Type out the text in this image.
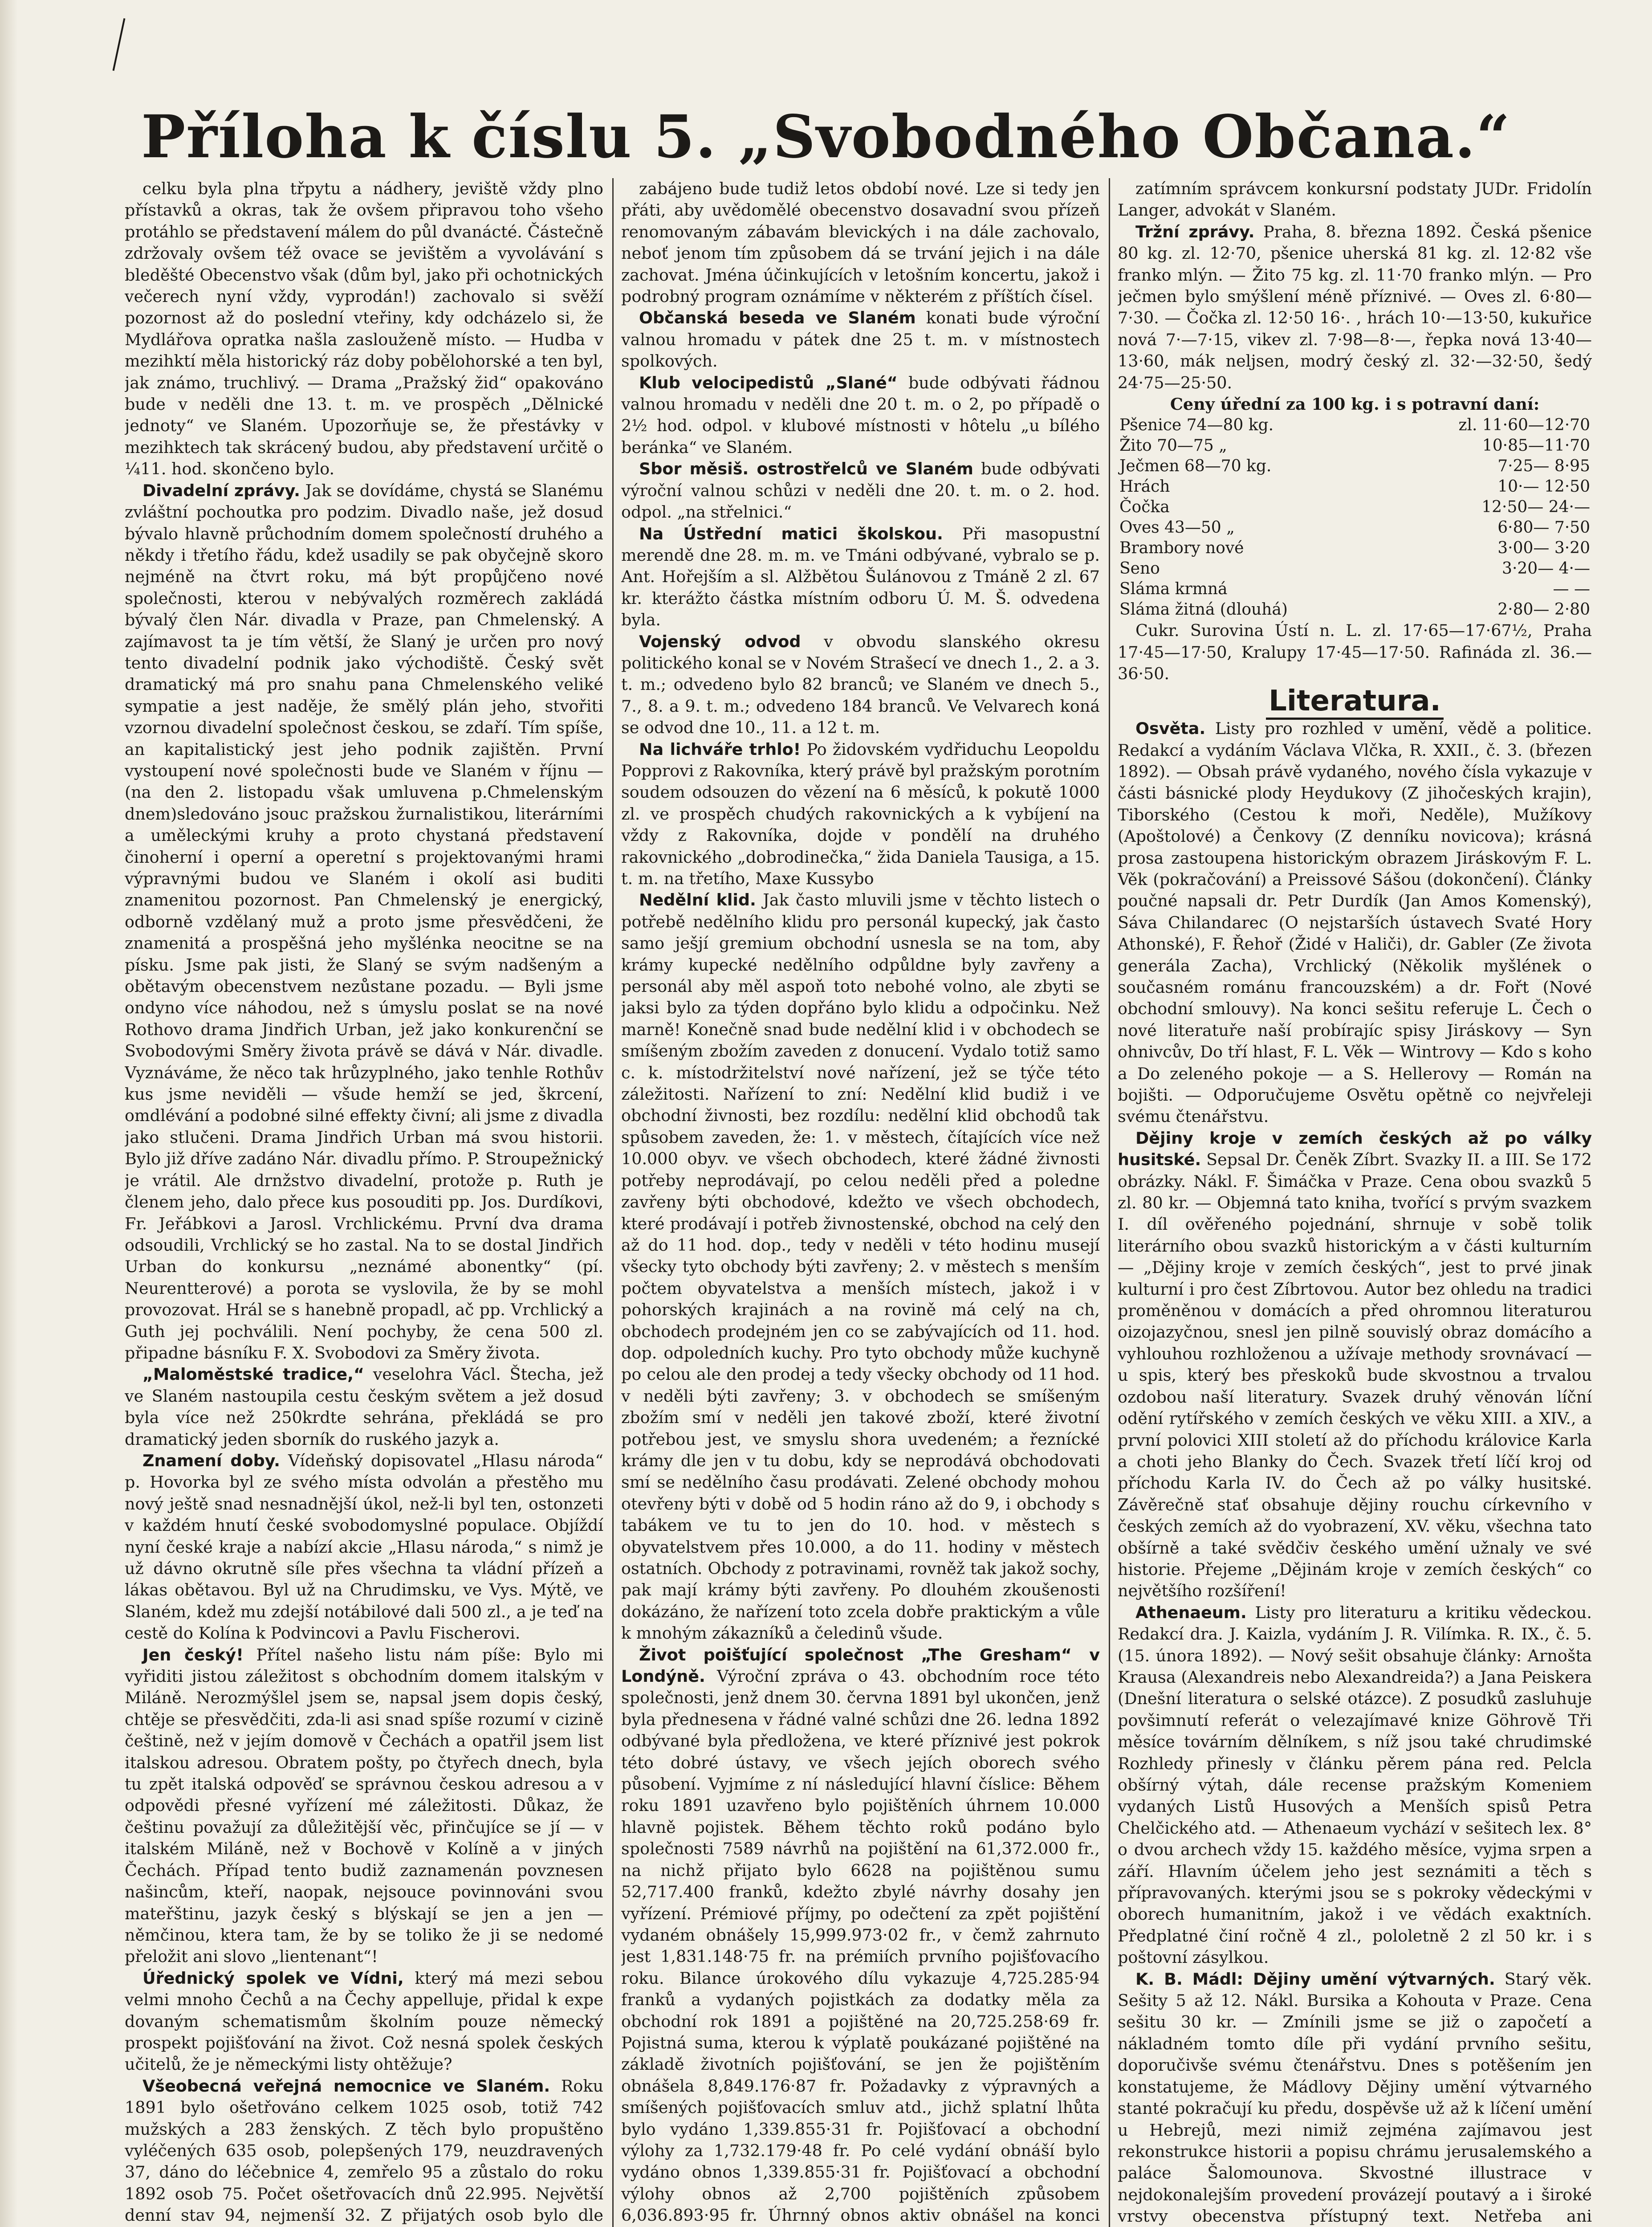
Příloha k číslu 5. „Svobodného Občana.“

celku byla plna třpytu a nádhery, jeviště vždy plno přístavků a okras, tak že ovšem připravou toho všeho protáhlo se představení málem do půl dvanácté. Částečně zdržovaly ovšem též ovace se jevištěm a vyvolávání s bleděšté Obecenstvo však (dům byl, jako při ochotnických večerech nyní vždy, vyprodán!) zachovalo si svěží pozornost až do poslední vteřiny, kdy odcházelo si, že Mydlářova opratka našla zaslouženě místo. — Hudba v mezihktí měla historický ráz doby pobělohorské a ten byl, jak známo, truchlivý. — Drama „Pražský žid“ opakováno bude v neděli dne 13. t. m. ve prospěch „Dělnické jednoty“ ve Slaném. Upozorňuje se, že přestávky v mezihktech tak skrácený budou, aby představení určitě o ¼11. hod. skončeno bylo.

Divadelní zprávy. Jak se dovídáme, chystá se Slanému zvláštní pochoutka pro podzim. Divadlo naše, jež dosud bývalo hlavně průchodním domem společností druhého a někdy i třetího řádu, kdež usadily se pak obyčejně skoro nejméně na čtvrt roku, má být propůjčeno nové společnosti, kterou v nebývalých rozměrech zakládá bývalý člen Nár. divadla v Praze, pan Chmelenský. A zajímavost ta je tím větší, že Slaný je určen pro nový tento divadelní podnik jako východiště. Český svět dramatický má pro snahu pana Chmelenského veliké sympatie a jest naděje, že smělý plán jeho, stvořiti vzornou divadelní společnost českou, se zdaří. Tím spíše, an kapitalistický jest jeho podnik zajištěn. První vystoupení nové společnosti bude ve Slaném v říjnu — (na den 2. listopadu však umluvena p.Chmelenským dnem)sledováno jsouc pražskou žurnalistikou, literárními a uměleckými kruhy a proto chystaná představení činoherní i operní a operetní s projektovanými hrami výpravnými budou ve Slaném i okolí asi buditi znamenitou pozornost. Pan Chmelenský je energický, odborně vzdělaný muž a proto jsme přesvědčeni, že znamenitá a prospěšná jeho myšlénka neocitne se na písku. Jsme pak jisti, že Slaný se svým nadšeným a obětavým obecenstvem nezůstane pozadu. — Byli jsme ondyno více náhodou, než s úmyslu poslat se na nové Rothovo drama Jindřich Urban, jež jako konkurenční se Svobodovými Směry života právě se dává v Nár. divadle. Vyznáváme, že něco tak hrůzyplného, jako tenhle Rothův kus jsme neviděli — všude hemží se jed, škrcení, omdlévání a podobné silné effekty čivní; ali jsme z divadla jako stlučeni. Drama Jindřich Urban má svou historii. Bylo již dříve zadáno Nár. divadlu přímo. P. Stroupežnický je vrátil. Ale drnžstvo divadelní, protože p. Ruth je členem jeho, dalo přece kus posouditi pp. Jos. Durdíkovi, Fr. Jeřábkovi a Jarosl. Vrchlickému. První dva drama odsoudili, Vrchlický se ho zastal. Na to se dostal Jindřich Urban do konkursu „neznámé abonentky“ (pí. Neurentterové) a porota se vyslovila, že by se mohl provozovat. Hrál se s hanebně propadl, ač pp. Vrchlický a Guth jej pochválili. Není pochyby, že cena 500 zl. připadne básníku F. X. Svobodovi za Směry života.

„Maloměstské tradice,“ veselohra Václ. Štecha, jež ve Slaném nastoupila cestu českým světem a jež dosud byla více než 250krdte sehrána, překládá se pro dramatický jeden sborník do ruského jazyk a.

Znamení doby. Vídeňský dopisovatel „Hlasu národa“ p. Hovorka byl ze svého místa odvolán a přestěho mu nový ještě snad nesnadnější úkol, než-li byl ten, ostonzeti v každém hnutí české svobodomyslné populace. Objíždí nyní české kraje a nabízí akcie „Hlasu národa,“ s nimž je už dávno okrutně síle přes všechna ta vládní přízeň a lákas obětavou. Byl už na Chrudimsku, ve Vys. Mýtě, ve Slaném, kdež mu zdejší notábilové dali 500 zl., a je teď na cestě do Kolína k Podvincovi a Pavlu Fischerovi.

Jen český! Přítel našeho listu nám píše: Bylo mi vyřiditi jistou záležitost s obchodním domem italským v Miláně. Nerozmýšlel jsem se, napsal jsem dopis český, chtěje se přesvědčiti, zda-li asi snad spíše rozumí v cizině češtině, než v jejím domově v Čechách a opatřil jsem list italskou adresou. Obratem pošty, po čtyřech dnech, byla tu zpět italská odpověď se správnou českou adresou a v odpovědi přesné vyřízení mé záležitosti. Důkaz, že češtinu považují za důležitější věc, přinčujíce se jí — v italském Miláně, než v Bochově v Kolíně a v jiných Čechách. Případ tento budiž zaznamenán povznesen našincům, kteří, naopak, nejsouce povinnováni svou mateřštinu, jazyk český s blýskají se jen a jen — němčinou, ktera tam, že by se toliko že ji se nedomé přeložit ani slovo „lientenant“!

Úřednický spolek ve Vídni, který má mezi sebou velmi mnoho Čechů a na Čechy appelluje, přidal k expe dovaným schematismům školním pouze německý prospekt pojišťování na život. Což nesná spolek českých učitelů, že je německými listy ohtěžuje?

Všeobecná veřejná nemocnice ve Slaném. Roku 1891 bylo ošetřováno celkem 1025 osob, totiž 742 mužských a 283 ženských. Z těch bylo propuštěno vyléčených 635 osob, polepšených 179, neuzdravených 37, dáno do léčebnice 4, zemřelo 95 a zůstalo do roku 1892 osob 75. Počet ošetřovacích dnů 22.995. Největší denní stav 94, nejmenší 32. Z přijatých osob bylo dle

zabájeno bude tudiž letos období nové. Lze si tedy jen přáti, aby uvědomělé obecenstvo dosavadní svou přízeň renomovaným zábavám blevických i na dále zachovalo, neboť jenom tím způsobem dá se trvání jejich i na dále zachovat. Jména účinkujících v letošním koncertu, jakož i podrobný program oznámíme v některém z příštích čísel.

Občanská beseda ve Slaném konati bude výroční valnou hromadu v pátek dne 25 t. m. v místnostech spolkových.

Klub velocipedistů „Slané“ bude odbývati řádnou valnou hromadu v neděli dne 20 t. m. o 2, po případě o 2½ hod. odpol. v klubové místnosti v hôtelu „u bílého beránka“ ve Slaném.

Sbor měsiš. ostrostřelců ve Slaném bude odbývati výroční valnou schůzi v neděli dne 20. t. m. o 2. hod. odpol. „na střelnici.“

Na Ústřední matici školskou. Při masopustní merendě dne 28. m. m. ve Tmáni odbývané, vybralo se p. Ant. Hořejším a sl. Alžbětou Šulánovou z Tmáně 2 zl. 67 kr. kterážto částka místním odboru Ú. M. Š. odvedena byla.

Vojenský odvod v obvodu slanského okresu politického konal se v Novém Strašecí ve dnech 1., 2. a 3. t. m.; odvedeno bylo 82 branců; ve Slaném ve dnech 5., 7., 8. a 9. t. m.; odvedeno 184 branců. Ve Velvarech koná se odvod dne 10., 11. a 12 t. m.

Na lichváře trhlo! Po židovském vydřiduchu Leopoldu Popprovi z Rakovníka, který právě byl pražským porotním soudem odsouzen do vězení na 6 měsíců, k pokutě 1000 zl. ve prospěch chudých rakovnických a k vybíjení na vždy z Rakovníka, dojde v pondělí na druhého rakovnického „dobrodinečka,“ žida Daniela Tausiga, a 15. t. m. na třetího, Maxe Kussybo

Nedělní klid. Jak často mluvili jsme v těchto listech o potřebě nedělního klidu pro personál kupecký, jak často samo ješjí gremium obchodní usnesla se na tom, aby krámy kupecké nedělního odpůldne byly zavřeny a personál aby měl aspoň toto nebohé volno, ale zbyti se jaksi bylo za týden dopřáno bylo klidu a odpočinku. Než marně! Konečně snad bude nedělní klid i v obchodech se smíšeným zbožím zaveden z donucení. Vydalo totiž samo c. k. místodržitelství nové nařízení, jež se týče této záležitosti. Nařízení to zní: Nedělní klid budiž i ve obchodní živnosti, bez rozdílu: nedělní klid obchodů tak spůsobem zaveden, že: 1. v městech, čítajících více než 10.000 obyv. ve všech obchodech, které žádné živnosti potřeby neprodávají, po celou neděli před a poledne zavřeny býti obchodové, kdežto ve všech obchodech, které prodávají i potřeb živnostenské, obchod na celý den až do 11 hod. dop., tedy v neděli v této hodinu musejí všecky tyto obchody býti zavřeny; 2. v městech s menším počtem obyvatelstva a menších místech, jakož i v pohorských krajinách a na rovině má celý na ch, obchodech prodejném jen co se zabývajících od 11. hod. dop. odpoledních kuchy. Pro tyto obchody může kuchyně po celou ale den prodej a tedy všecky obchody od 11 hod. v neděli býti zavřeny; 3. v obchodech se smíšeným zbožím smí v neděli jen takové zboží, které životní potřebou jest, ve smyslu shora uvedeném; a řeznícké krámy dle jen v tu dobu, kdy se neprodává obchodovati smí se nedělního času prodávati. Zelené obchody mohou otevřeny býti v době od 5 hodin ráno až do 9, i obchody s tabákem ve tu to jen do 10. hod. v městech s obyvatelstvem přes 10.000, a do 11. hodiny v městech ostatních. Obchody z potravinami, rovněž tak jakož sochy, pak mají krámy býti zavřeny. Po dlouhém zkoušenosti dokázáno, že nařízení toto zcela dobře praktickým a vůle k mnohým zákazníků a čeledinů všude.

Život poišťující společnost „The Gresham“ v Londýně. Výroční zpráva o 43. obchodním roce této společnosti, jenž dnem 30. června 1891 byl ukončen, jenž byla přednesena v řádné valné schůzi dne 26. ledna 1892 odbývané byla předložena, ve které příznivé jest pokrok této dobré ústavy, ve všech jejích oborech svého působení. Vyjmíme z ní následující hlavní číslice: Během roku 1891 uzavřeno bylo pojištěních úhrnem 10.000 hlavně pojistek. Během těchto roků podáno bylo společnosti 7589 návrhů na pojištění na 61,372.000 fr., na nichž přijato bylo 6628 na pojištěnou sumu 52,717.400 franků, kdežto zbylé návrhy dosahy jen vyřízení. Prémiové příjmy, po odečtení za zpět pojištění vydaném obnášely 15,999.973·02 fr., v čemž zahrnuto jest 1,831.148·75 fr. na prémiích prvního pojišťovacího roku. Bilance úrokového dílu vykazuje 4,725.285·94 franků a vydaných pojistkách za dodatky měla za obchodní rok 1891 a pojištěné na 20,725.258·69 fr. Pojistná suma, kterou k výplatě poukázané pojištěné na základě životních pojišťování, se jen že pojištěním obnášela 8,849.176·87 fr. Požadavky z výpravných a smíšených pojišťovacích smluv atd., jichž splatní lhůta bylo vydáno 1,339.855·31 fr. Pojišťovací a obchodní výlohy za 1,732.179·48 fr. Po celé vydání obnáší bylo vydáno obnos 1,339.855·31 fr. Pojišťovací a obchodní výlohy obnos až 2,700 pojištěních způsobem 6,036.893·95 fr. Úhrnný obnos aktiv obnášel na konci

zatímním správcem konkursní podstaty JUDr. Fridolín Langer, advokát v Slaném.

Tržní zprávy. Praha, 8. března 1892. Česká pšenice 80 kg. zl. 12·70, pšenice uherská 81 kg. zl. 12·82 vše franko mlýn. — Žito 75 kg. zl. 11·70 franko mlýn. — Pro ječmen bylo smýšlení méně příznivé. — Oves zl. 6·80—7·30. — Čočka zl. 12·50 16·. , hrách 10·—13·50, kukuřice nová 7·—7·15, vikev zl. 7·98—8·—, řepka nová 13·40—13·60, mák neljsen, modrý český zl. 32·—32·50, šedý 24·75—25·50.

Ceny úřední za 100 kg. i s potravní daní:

Pšenice 74—80 kg.	zl. 11·60—12·70
Žito 70—75 „	10·85—11·70
Ječmen 68—70 kg.	7·25— 8·95
Hrách	10·— 12·50
Čočka	12·50— 24·—
Oves 43—50 „	6·80— 7·50
Brambory nové	3·00— 3·20
Seno	3·20— 4·—
Sláma krmná	— —
Sláma žitná (dlouhá)	2·80— 2·80

Cukr. Surovina Ústí n. L. zl. 17·65—17·67½, Praha 17·45—17·50, Kralupy 17·45—17·50. Rafináda zl. 36.—36·50.

Literatura.

Osvěta. Listy pro rozhled v umění, vědě a politice. Redakcí a vydáním Václava Vlčka, R. XXII., č. 3. (březen 1892). — Obsah právě vydaného, nového čísla vykazuje v části básnické plody Heydukovy (Z jihočeských krajin), Tiborského (Cestou k moři, Neděle), Mužíkovy (Apoštolové) a Čenkovy (Z denníku novicova); krásná prosa zastoupena historickým obrazem Jiráskovým F. L. Věk (pokračování) a Preissové Sášou (dokončení). Články poučné napsali dr. Petr Durdík (Jan Amos Komenský), Sáva Chilandarec (O nejstarších ústavech Svaté Hory Athonské), F. Řehoř (Židé v Haliči), dr. Gabler (Ze života generála Zacha), Vrchlický (Několik myšlének o současném románu francouzském) a dr. Fořt (Nové obchodní smlouvy). Na konci sešitu referuje L. Čech o nové literatuře naší probírajíc spisy Jiráskovy — Syn ohnivcův, Do tří hlast, F. L. Věk — Wintrovy — Kdo s koho a Do zeleného pokoje — a S. Hellerovy — Román na bojišti. — Odporučujeme Osvětu opětně co nejvřeleji svému čtenářstvu.

Dějiny kroje v zemích českých až po války husitské. Sepsal Dr. Čeněk Zíbrt. Svazky II. a III. Se 172 obrázky. Nákl. F. Šimáčka v Praze. Cena obou svazků 5 zl. 80 kr. — Objemná tato kniha, tvořící s prvým svazkem I. díl ověřeného pojednání, shrnuje v sobě tolik literárního obou svazků historickým a v části kulturním — „Dějiny kroje v zemích českých“, jest to prvé jinak kulturní i pro čest Zíbrtovou. Autor bez ohledu na tradici proměněnou v domácích a před ohromnou literaturou oizojazyčnou, snesl jen pilně souvislý obraz domácího a vyhlouhou rozhloženou a užívaje methody srovnávací — u spis, který bes přeskoků bude skvostnou a trvalou ozdobou naší literatury. Svazek druhý věnován líční odění rytířského v zemích českých ve věku XIII. a XIV., a první polovici XIII století až do příchodu královice Karla a choti jeho Blanky do Čech. Svazek třetí líčí kroj od příchodu Karla IV. do Čech až po války husitské. Závěrečně stať obsahuje dějiny rouchu církevního v českých zemích až do vyobrazení, XV. věku, všechna tato obšírně a také svědčiv českého umění užnaly ve své historie. Přejeme „Dějinám kroje v zemích českých“ co největšího rozšíření!

Athenaeum. Listy pro literaturu a kritiku vědeckou. Redakcí dra. J. Kaizla, vydáním J. R. Vilímka. R. IX., č. 5. (15. února 1892). — Nový sešit obsahuje články: Arnošta Krausa (Alexandreis nebo Alexandreida?) a Jana Peiskera (Dnešní literatura o selské otázce). Z posudků zasluhuje povšimnutí referát o velezajímavé knize Göhrově Tři měsíce továrním dělníkem, s níž jsou také chrudimské Rozhledy přinesly v článku pěrem pána red. Pelcla obšírný výtah, dále recense pražským Komeniem vydaných Listů Husových a Menších spisů Petra Chelčického atd. — Athenaeum vychází v sešitech lex. 8° o dvou archech vždy 15. každého měsíce, vyjma srpen a září. Hlavním účelem jeho jest seznámiti a těch s přípravovaných. kterými jsou se s pokroky vědeckými v oborech humanitním, jakož i ve vědách exaktních. Předplatné činí ročně 4 zl., pololetně 2 zl 50 kr. i s poštovní zásylkou.

K. B. Mádl: Dějiny umění výtvarných. Starý věk. Sešity 5 až 12. Nákl. Bursika a Kohouta v Praze. Cena sešitu 30 kr. — Zmínili jsme se již o započetí a nákladném tomto díle při vydání prvního sešitu, doporučivše svému čtenářstvu. Dnes s potěšením jen konstatujeme, že Mádlovy Dějiny umění výtvarného stanté pokračují ku předu, dospěvše už až k líčení umění u Hebrejů, mezi nimiž zejména zajímavou jest rekonstrukce historii a popisu chrámu jerusalemského a paláce Šalomounova. Skvostné illustrace v nejdokonalejším provedení provázejí poutavý a i široké vrstvy obecenstva přístupný text. Netřeba ani
